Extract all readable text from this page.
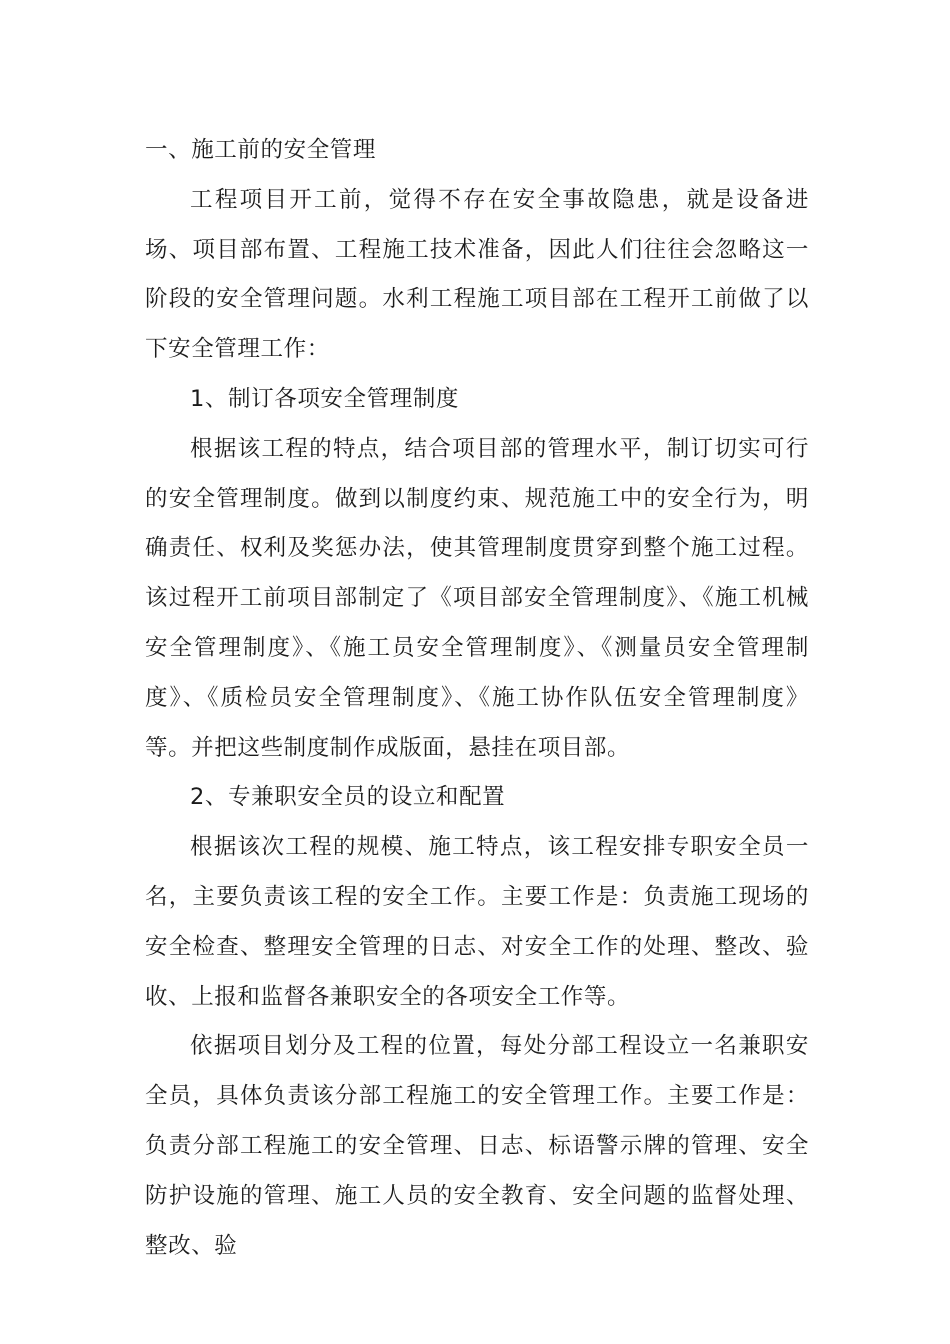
一、施工前的安全管理

工程项目开工前，觉得不存在安全事故隐患，就是设备进场、项目部布置、工程施工技术准备，因此人们往往会忽略这一阶段的安全管理问题。水利工程施工项目部在工程开工前做了以下安全管理工作：

1、制订各项安全管理制度

根据该工程的特点，结合项目部的管理水平，制订切实可行的安全管理制度。做到以制度约束、规范施工中的安全行为，明确责任、权利及奖惩办法，使其管理制度贯穿到整个施工过程。该过程开工前项目部制定了《项目部安全管理制度》、《施工机械安全管理制度》、《施工员安全管理制度》、《测量员安全管理制度》、《质检员安全管理制度》、《施工协作队伍安全管理制度》等。并把这些制度制作成版面，悬挂在项目部。

2、专兼职安全员的设立和配置

根据该次工程的规模、施工特点，该工程安排专职安全员一名，主要负责该工程的安全工作。主要工作是：负责施工现场的安全检查、整理安全管理的日志、对安全工作的处理、整改、验收、上报和监督各兼职安全的各项安全工作等。

依据项目划分及工程的位置，每处分部工程设立一名兼职安全员，具体负责该分部工程施工的安全管理工作。主要工作是：负责分部工程施工的安全管理、日志、标语警示牌的管理、安全防护设施的管理、施工人员的安全教育、安全问题的监督处理、整改、验
